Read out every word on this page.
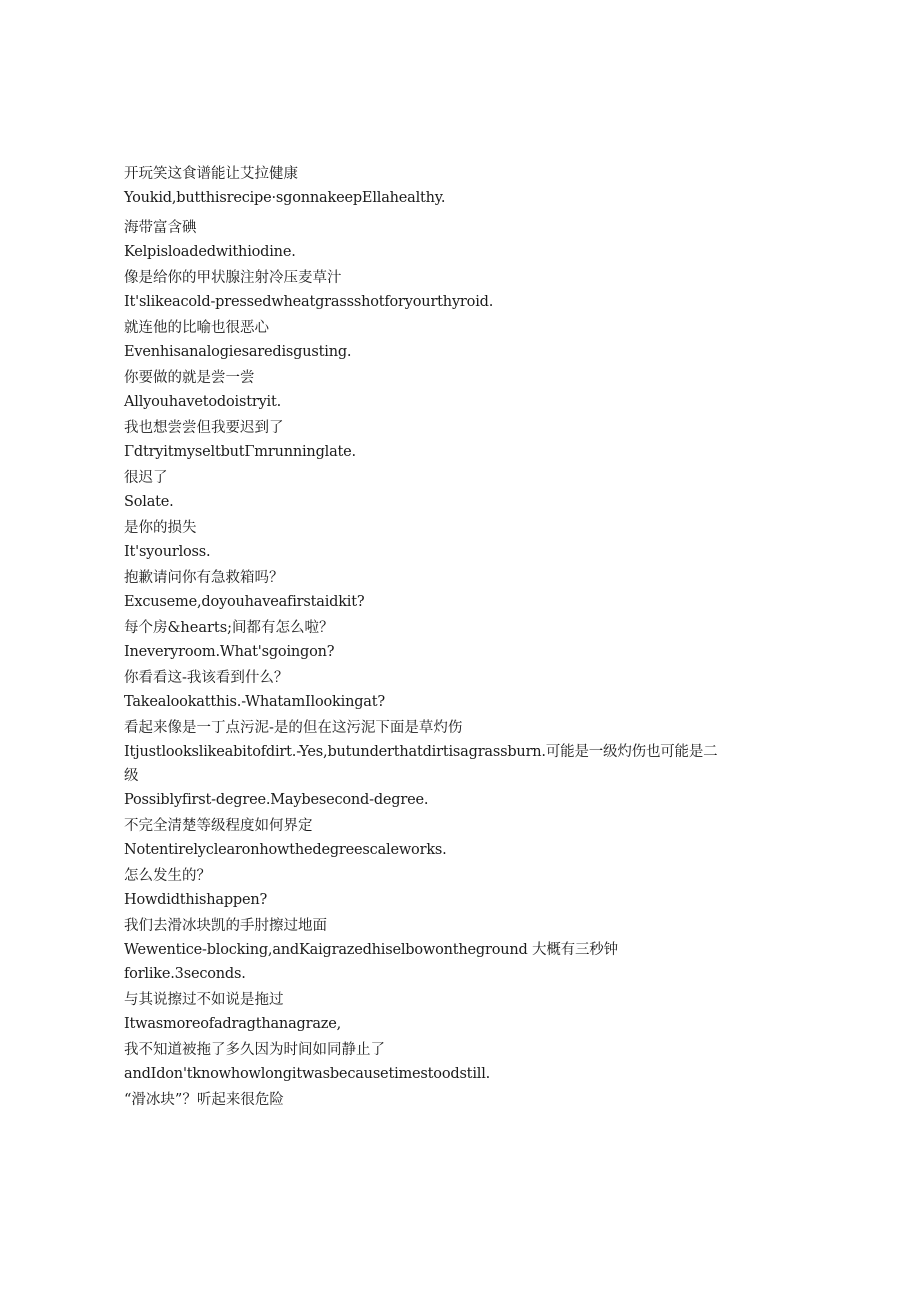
开玩笑这食谱能让艾拉健康
Youkid,butthisrecipe·sgonnakeepEllahealthy.
海带富含碘
Kelpisloadedwithiodine.
像是给你的甲状腺注射冷压麦草汁
It'slikeacold-pressedwheatgrassshotforyourthyroid.
就连他的比喻也很恶心
Evenhisanalogiesaredisgusting.
你要做的就是尝一尝
Allyouhavetodoistryit.
我也想尝尝但我要迟到了
ΓdtryitmyseltbutΓmrunninglate.
很迟了
Solate.
是你的损失
It'syourloss.
抱歉请问你有急救箱吗？
Excuseme,doyouhaveafirstaidkit?
每个房&hearts;间都有怎么啦？
Ineveryroom.What'sgoingon?
你看看这-我该看到什么？
Takealookatthis.-WhatamIlookingat?
看起来像是一丁点污泥-是的但在这污泥下面是草灼伤
Itjustlookslikeabitofdirt.-Yes,butunderthatdirtisagrassburn.可能是一级灼伤也可能是二级
Possiblyfirst-degree.Maybesecond-degree.
不完全清楚等级程度如何界定
Notentirelyclearonhowthedegreescaleworks.
怎么发生的？
Howdidthishappen?
我们去滑冰块凯的手肘擦过地面
Wewentice-blocking,andKaigrazedhiselbowontheground 大概有三秒钟
forlike.3seconds.
与其说擦过不如说是拖过
Itwasmoreofadragthanagraze,
我不知道被拖了多久因为时间如同静止了
andIdon'tknowhowlongitwasbecausetimestoodstill.
“滑冰块”？听起来很危险
